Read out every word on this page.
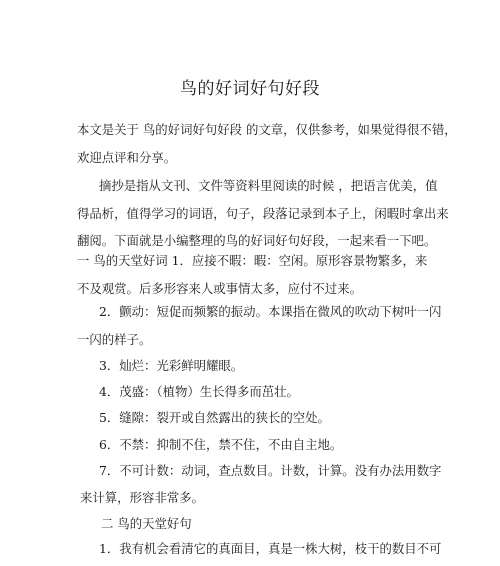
鸟的好词好句好段
本文是关于 鸟的好词好句好段 的文章，仅供参考，如果觉得很不错，
欢迎点评和分享。
摘抄是指从文刊、文件等资料里阅读的时候 ，把语言优美，值
得品析，值得学习的词语，句子，段落记录到本子上，闲暇时拿出来
翻阅。下面就是小编整理的鸟的好词好句好段，一起来看一下吧。
一 鸟的天堂好词 1．应接不暇：暇：空闲。原形容景物繁多，来
不及观赏。后多形容来人或事情太多，应付不过来。
2．颤动：短促而频繁的振动。本课指在微风的吹动下树叶一闪
一闪的样子。
3．灿烂：光彩鲜明耀眼。
4．茂盛：（植物）生长得多而茁壮。
5．缝隙：裂开或自然露出的狭长的空处。
6．不禁：抑制不住，禁不住，不由自主地。
7．不可计数：动词，查点数目。计数，计算。没有办法用数字
来计算，形容非常多。
二 鸟的天堂好句
1．我有机会看清它的真面目，真是一株大树，枝干的数目不可
